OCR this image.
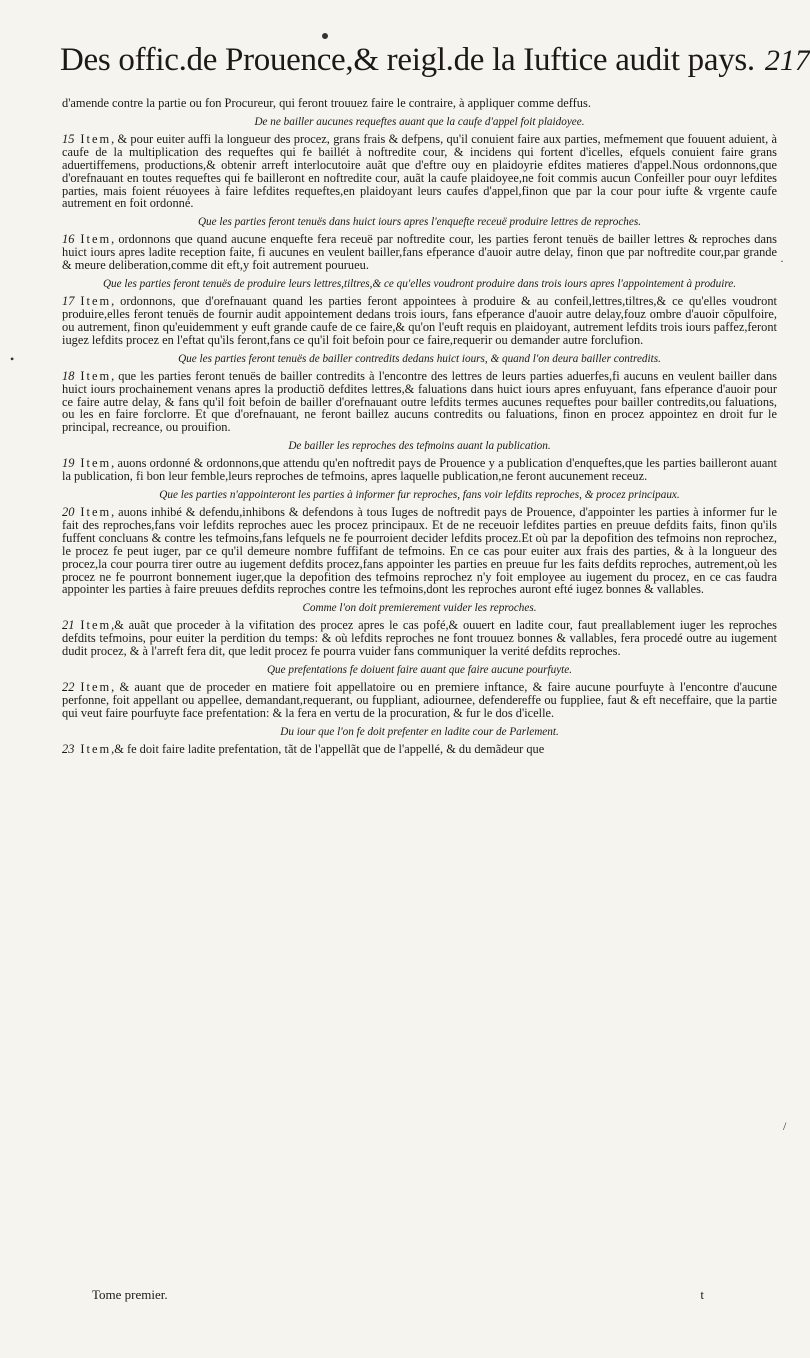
Des offic.de Prouence,& reigl.de la Iuftice audit pays. 217

d'amende contre la partie ou fon Procureur, qui feront trouuez faire le contraire, à appliquer comme deffus.

De ne bailler aucunes requeftes auant que la caufe d'appel foit plaidoyee.

15 Item, & pour euiter auffi la longueur des procez, grans frais & defpens, qu'il conuient faire aux parties, mefmement que fouuent aduient, à caufe de la multiplication des requeftes qui fe baillét à noftredite cour, & incidens qui fortent d'icelles, efquels conuient faire grans aduertiffemens, productions,& obtenir arreft interlocutoire auãt que d'eftre ouy en plaidoyrie efdites matieres d'appel.Nous ordonnons,que d'orefnauant en toutes requeftes qui fe bailleront en noftredite cour, auãt la caufe plaidoyee,ne foit commis aucun Confeiller pour ouyr lefdites parties, mais foient réuoyees à faire lefdites requeftes,en plaidoyant leurs caufes d'appel,finon que par la cour pour iufte & vrgente caufe autrement en foit ordonné.

Que les parties feront tenuës dans huict iours apres l'enquefte receuë produire lettres de reproches.

16 Item, ordonnons que quand aucune enquefte fera receuë par noftredite cour, les parties feront tenuës de bailler lettres & reproches dans huict iours apres ladite reception faite, fi aucunes en veulent bailler,fans efperance d'auoir autre delay, finon que par noftredite cour,par grande & meure deliberation,comme dit eft,y foit autrement pourueu.

Que les parties feront tenuës de produire leurs lettres,tiltres,& ce qu'elles voudront produire dans trois iours apres l'appointement à produire.

17 Item, ordonnons, que d'orefnauant quand les parties feront appointees à produire & au confeil,lettres,tiltres,& ce qu'elles voudront produire,elles feront tenuës de fournir audit appointement dedans trois iours, fans efperance d'auoir autre delay,fouz ombre d'auoir cõpulfoire, ou autrement, finon qu'euidemment y euft grande caufe de ce faire,& qu'on l'euft requis en plaidoyant, autrement lefdits trois iours paffez,feront iugez lefdits procez en l'eftat qu'ils feront,fans ce qu'il foit befoin pour ce faire,requerir ou demander autre forclufion.

Que les parties feront tenuës de bailler contredits dedans huict iours, & quand l'on deura bailler contredits.

18 Item, que les parties feront tenuës de bailler contredits à l'encontre des lettres de leurs parties aduerfes,fi aucuns en veulent bailler dans huict iours prochainement venans apres la productiõ defdites lettres,& faluations dans huict iours apres enfuyuant, fans efperance d'auoir pour ce faire autre delay, & fans qu'il foit befoin de bailler d'orefnauant outre lefdits termes aucunes requeftes pour bailler contredits,ou faluations, ou les en faire forclorre. Et que d'orefnauant, ne feront baillez aucuns contredits ou faluations, finon en procez appointez en droit fur le principal, recreance, ou prouifion.

De bailler les reproches des tefmoins auant la publication.

19 Item, auons ordonné & ordonnons,que attendu qu'en noftredit pays de Prouence y a publication d'enqueftes,que les parties bailleront auant la publication, fi bon leur femble,leurs reproches de tefmoins, apres laquelle publication,ne feront aucunement receuz.

Que les parties n'appointeront les parties à informer fur reproches, fans voir lefdits reproches, & procez principaux.

20 Item, auons inhibé & defendu,inhibons & defendons à tous Iuges de noftredit pays de Prouence, d'appointer les parties à informer fur le fait des reproches,fans voir lefdits reproches auec les procez principaux. Et de ne receuoir lefdites parties en preuue defdits faits, finon qu'ils fuffent concluans & contre les tefmoins,fans lefquels ne fe pourroient decider lefdits procez.Et où par la depofition des tefmoins non reprochez, le procez fe peut iuger, par ce qu'il demeure nombre fuffifant de tefmoins. En ce cas pour euiter aux frais des parties, & à la longueur des procez,la cour pourra tirer outre au iugement defdits procez,fans appointer les parties en preuue fur les faits defdits reproches, autrement,où les procez ne fe pourront bonnement iuger,que la depofition des tefmoins reprochez n'y foit employee au iugement du procez, en ce cas faudra appointer les parties à faire preuues defdits reproches contre les tefmoins,dont les reproches auront efté iugez bonnes & vallables.

Comme l'on doit premierement vuider les reproches.

21 Item,& auãt que proceder à la vifitation des procez apres le cas pofé,& ouuert en ladite cour, faut preallablement iuger les reproches defdits tefmoins, pour euiter la perdition du temps: & où lefdits reproches ne font trouuez bonnes & vallables, fera procedé outre au iugement dudit procez, & à l'arreft fera dit, que ledit procez fe pourra vuider fans communiquer la verité defdits reproches.

Que prefentations fe doiuent faire auant que faire aucune pourfuyte.

22 Item, & auant que de proceder en matiere foit appellatoire ou en premiere inftance, & faire aucune pourfuyte à l'encontre d'aucune perfonne, foit appellant ou appellee, demandant,requerant, ou fuppliant, adiournee, defendereffe ou fuppliee, faut & eft neceffaire, que la partie qui veut faire pourfuyte face prefentation: & la fera en vertu de la procuration, & fur le dos d'icelle.

Du iour que l'on fe doit prefenter en ladite cour de Parlement.

23 Item,& fe doit faire ladite prefentation, tãt de l'appellãt que de l'appellé, & du demãdeur que

·
•
/
Tome premier.	t
